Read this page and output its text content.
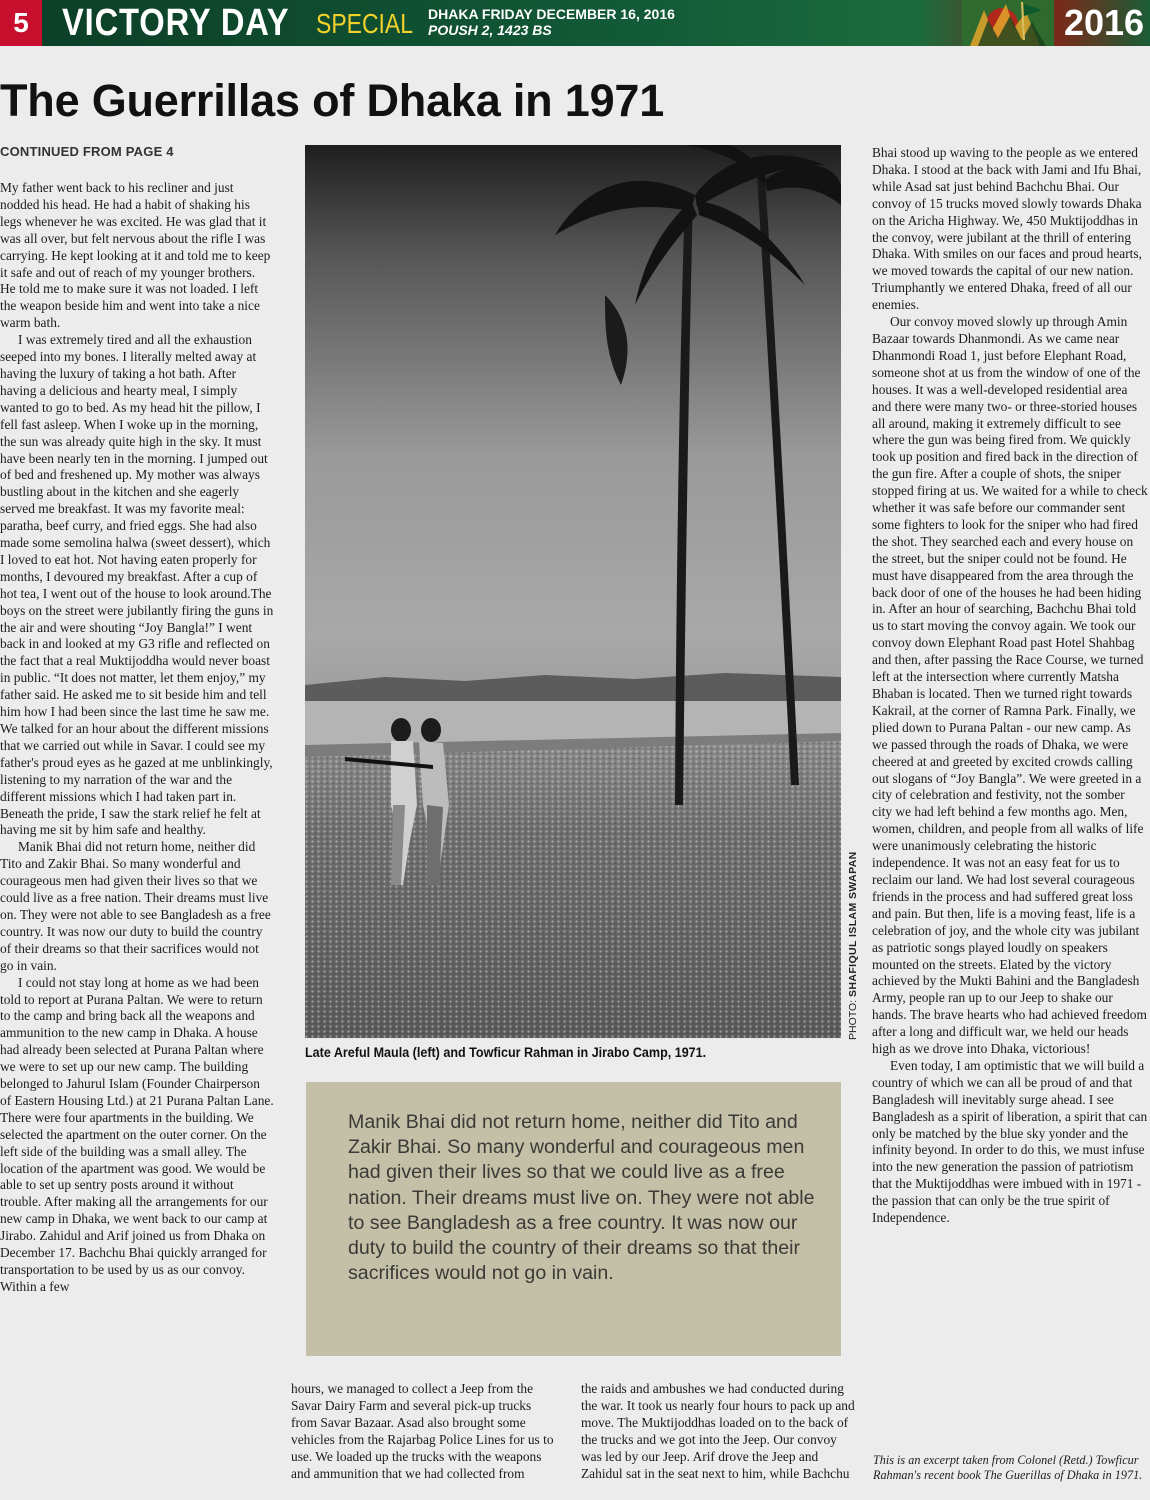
5 VICTORY DAY SPECIAL DHAKA FRIDAY DECEMBER 16, 2016
POUSH 2, 1423 BS	2016
The Guerrillas of Dhaka in 1971
CONTINUED FROM PAGE 4

My father went back to his recliner and just nodded his head. He had a habit of shaking his legs whenever he was excited. He was glad that it was all over, but felt nervous about the rifle I was carrying. He kept looking at it and told me to keep it safe and out of reach of my younger brothers. He told me to make sure it was not loaded. I left the weapon beside him and went into take a nice warm bath.

I was extremely tired and all the exhaustion seeped into my bones. I literally melted away at having the luxury of taking a hot bath. After having a delicious and hearty meal, I simply wanted to go to bed. As my head hit the pillow, I fell fast asleep. When I woke up in the morning, the sun was already quite high in the sky. It must have been nearly ten in the morning. I jumped out of bed and freshened up. My mother was always bustling about in the kitchen and she eagerly served me breakfast. It was my favorite meal: paratha, beef curry, and fried eggs. She had also made some semolina halwa (sweet dessert), which I loved to eat hot. Not having eaten properly for months, I devoured my breakfast. After a cup of hot tea, I went out of the house to look around.The boys on the street were jubilantly firing the guns in the air and were shouting “Joy Bangla!” I went back in and looked at my G3 rifle and reflected on the fact that a real Muktijoddha would never boast in public. “It does not matter, let them enjoy,” my father said. He asked me to sit beside him and tell him how I had been since the last time he saw me. We talked for an hour about the different missions that we carried out while in Savar. I could see my father's proud eyes as he gazed at me unblinkingly, listening to my narration of the war and the different missions which I had taken part in. Beneath the pride, I saw the stark relief he felt at having me sit by him safe and healthy.

Manik Bhai did not return home, neither did Tito and Zakir Bhai. So many wonderful and courageous men had given their lives so that we could live as a free nation. Their dreams must live on. They were not able to see Bangladesh as a free country. It was now our duty to build the country of their dreams so that their sacrifices would not go in vain.

I could not stay long at home as we had been told to report at Purana Paltan. We were to return to the camp and bring back all the weapons and ammunition to the new camp in Dhaka. A house had already been selected at Purana Paltan where we were to set up our new camp. The building belonged to Jahurul Islam (Founder Chairperson of Eastern Housing Ltd.) at 21 Purana Paltan Lane. There were four apartments in the building. We selected the apartment on the outer corner. On the left side of the building was a small alley. The location of the apartment was good. We would be able to set up sentry posts around it without trouble. After making all the arrangements for our new camp in Dhaka, we went back to our camp at Jirabo. Zahidul and Arif joined us from Dhaka on December 17. Bachchu Bhai quickly arranged for transportation to be used by us as our convoy. Within a few

PHOTO: SHAFIQUL ISLAM SWAPAN
Late Areful Maula (left) and Towficur Rahman in Jirabo Camp, 1971.
Manik Bhai did not return home, neither did Tito and Zakir Bhai. So many wonderful and courageous men had given their lives so that we could live as a free nation. Their dreams must live on. They were not able to see Bangladesh as a free country. It was now our duty to build the country of their dreams so that their sacrifices would not go in vain.

hours, we managed to collect a Jeep from the Savar Dairy Farm and several pick-up trucks from Savar Bazaar. Asad also brought some vehicles from the Rajarbag Police Lines for us to use. We loaded up the trucks with the weapons and ammunition that we had collected from

the raids and ambushes we had conducted during the war. It took us nearly four hours to pack up and move. The Muktijoddhas loaded on to the back of the trucks and we got into the Jeep. Our convoy was led by our Jeep. Arif drove the Jeep and Zahidul sat in the seat next to him, while Bachchu

Bhai stood up waving to the people as we entered Dhaka. I stood at the back with Jami and Ifu Bhai, while Asad sat just behind Bachchu Bhai. Our convoy of 15 trucks moved slowly towards Dhaka on the Aricha Highway. We, 450 Muktijoddhas in the convoy, were jubilant at the thrill of entering Dhaka. With smiles on our faces and proud hearts, we moved towards the capital of our new nation. Triumphantly we entered Dhaka, freed of all our enemies.

Our convoy moved slowly up through Amin Bazaar towards Dhanmondi. As we came near Dhanmondi Road 1, just before Elephant Road, someone shot at us from the window of one of the houses. It was a well-developed residential area and there were many two- or three-storied houses all around, making it extremely difficult to see where the gun was being fired from. We quickly took up position and fired back in the direction of the gun fire. After a couple of shots, the sniper stopped firing at us. We waited for a while to check whether it was safe before our commander sent some fighters to look for the sniper who had fired the shot. They searched each and every house on the street, but the sniper could not be found. He must have disappeared from the area through the back door of one of the houses he had been hiding in. After an hour of searching, Bachchu Bhai told us to start moving the convoy again. We took our convoy down Elephant Road past Hotel Shahbag and then, after passing the Race Course, we turned left at the intersection where currently Matsha Bhaban is located. Then we turned right towards Kakrail, at the corner of Ramna Park. Finally, we plied down to Purana Paltan - our new camp. As we passed through the roads of Dhaka, we were cheered at and greeted by excited crowds calling out slogans of “Joy Bangla”. We were greeted in a city of celebration and festivity, not the somber city we had left behind a few months ago. Men, women, children, and people from all walks of life were unanimously celebrating the historic independence. It was not an easy feat for us to reclaim our land. We had lost several courageous friends in the process and had suffered great loss and pain. But then, life is a moving feast, life is a celebration of joy, and the whole city was jubilant as patriotic songs played loudly on speakers mounted on the streets. Elated by the victory achieved by the Mukti Bahini and the Bangladesh Army, people ran up to our Jeep to shake our hands. The brave hearts who had achieved freedom after a long and difficult war, we held our heads high as we drove into Dhaka, victorious!

Even today, I am optimistic that we will build a country of which we can all be proud of and that Bangladesh will inevitably surge ahead. I see Bangladesh as a spirit of liberation, a spirit that can only be matched by the blue sky yonder and the infinity beyond. In order to do this, we must infuse into the new generation the passion of patriotism that the Muktijoddhas were imbued with in 1971 - the passion that can only be the true spirit of Independence.

This is an excerpt taken from Colonel (Retd.) Towficur Rahman's recent book The Guerillas of Dhaka in 1971.
